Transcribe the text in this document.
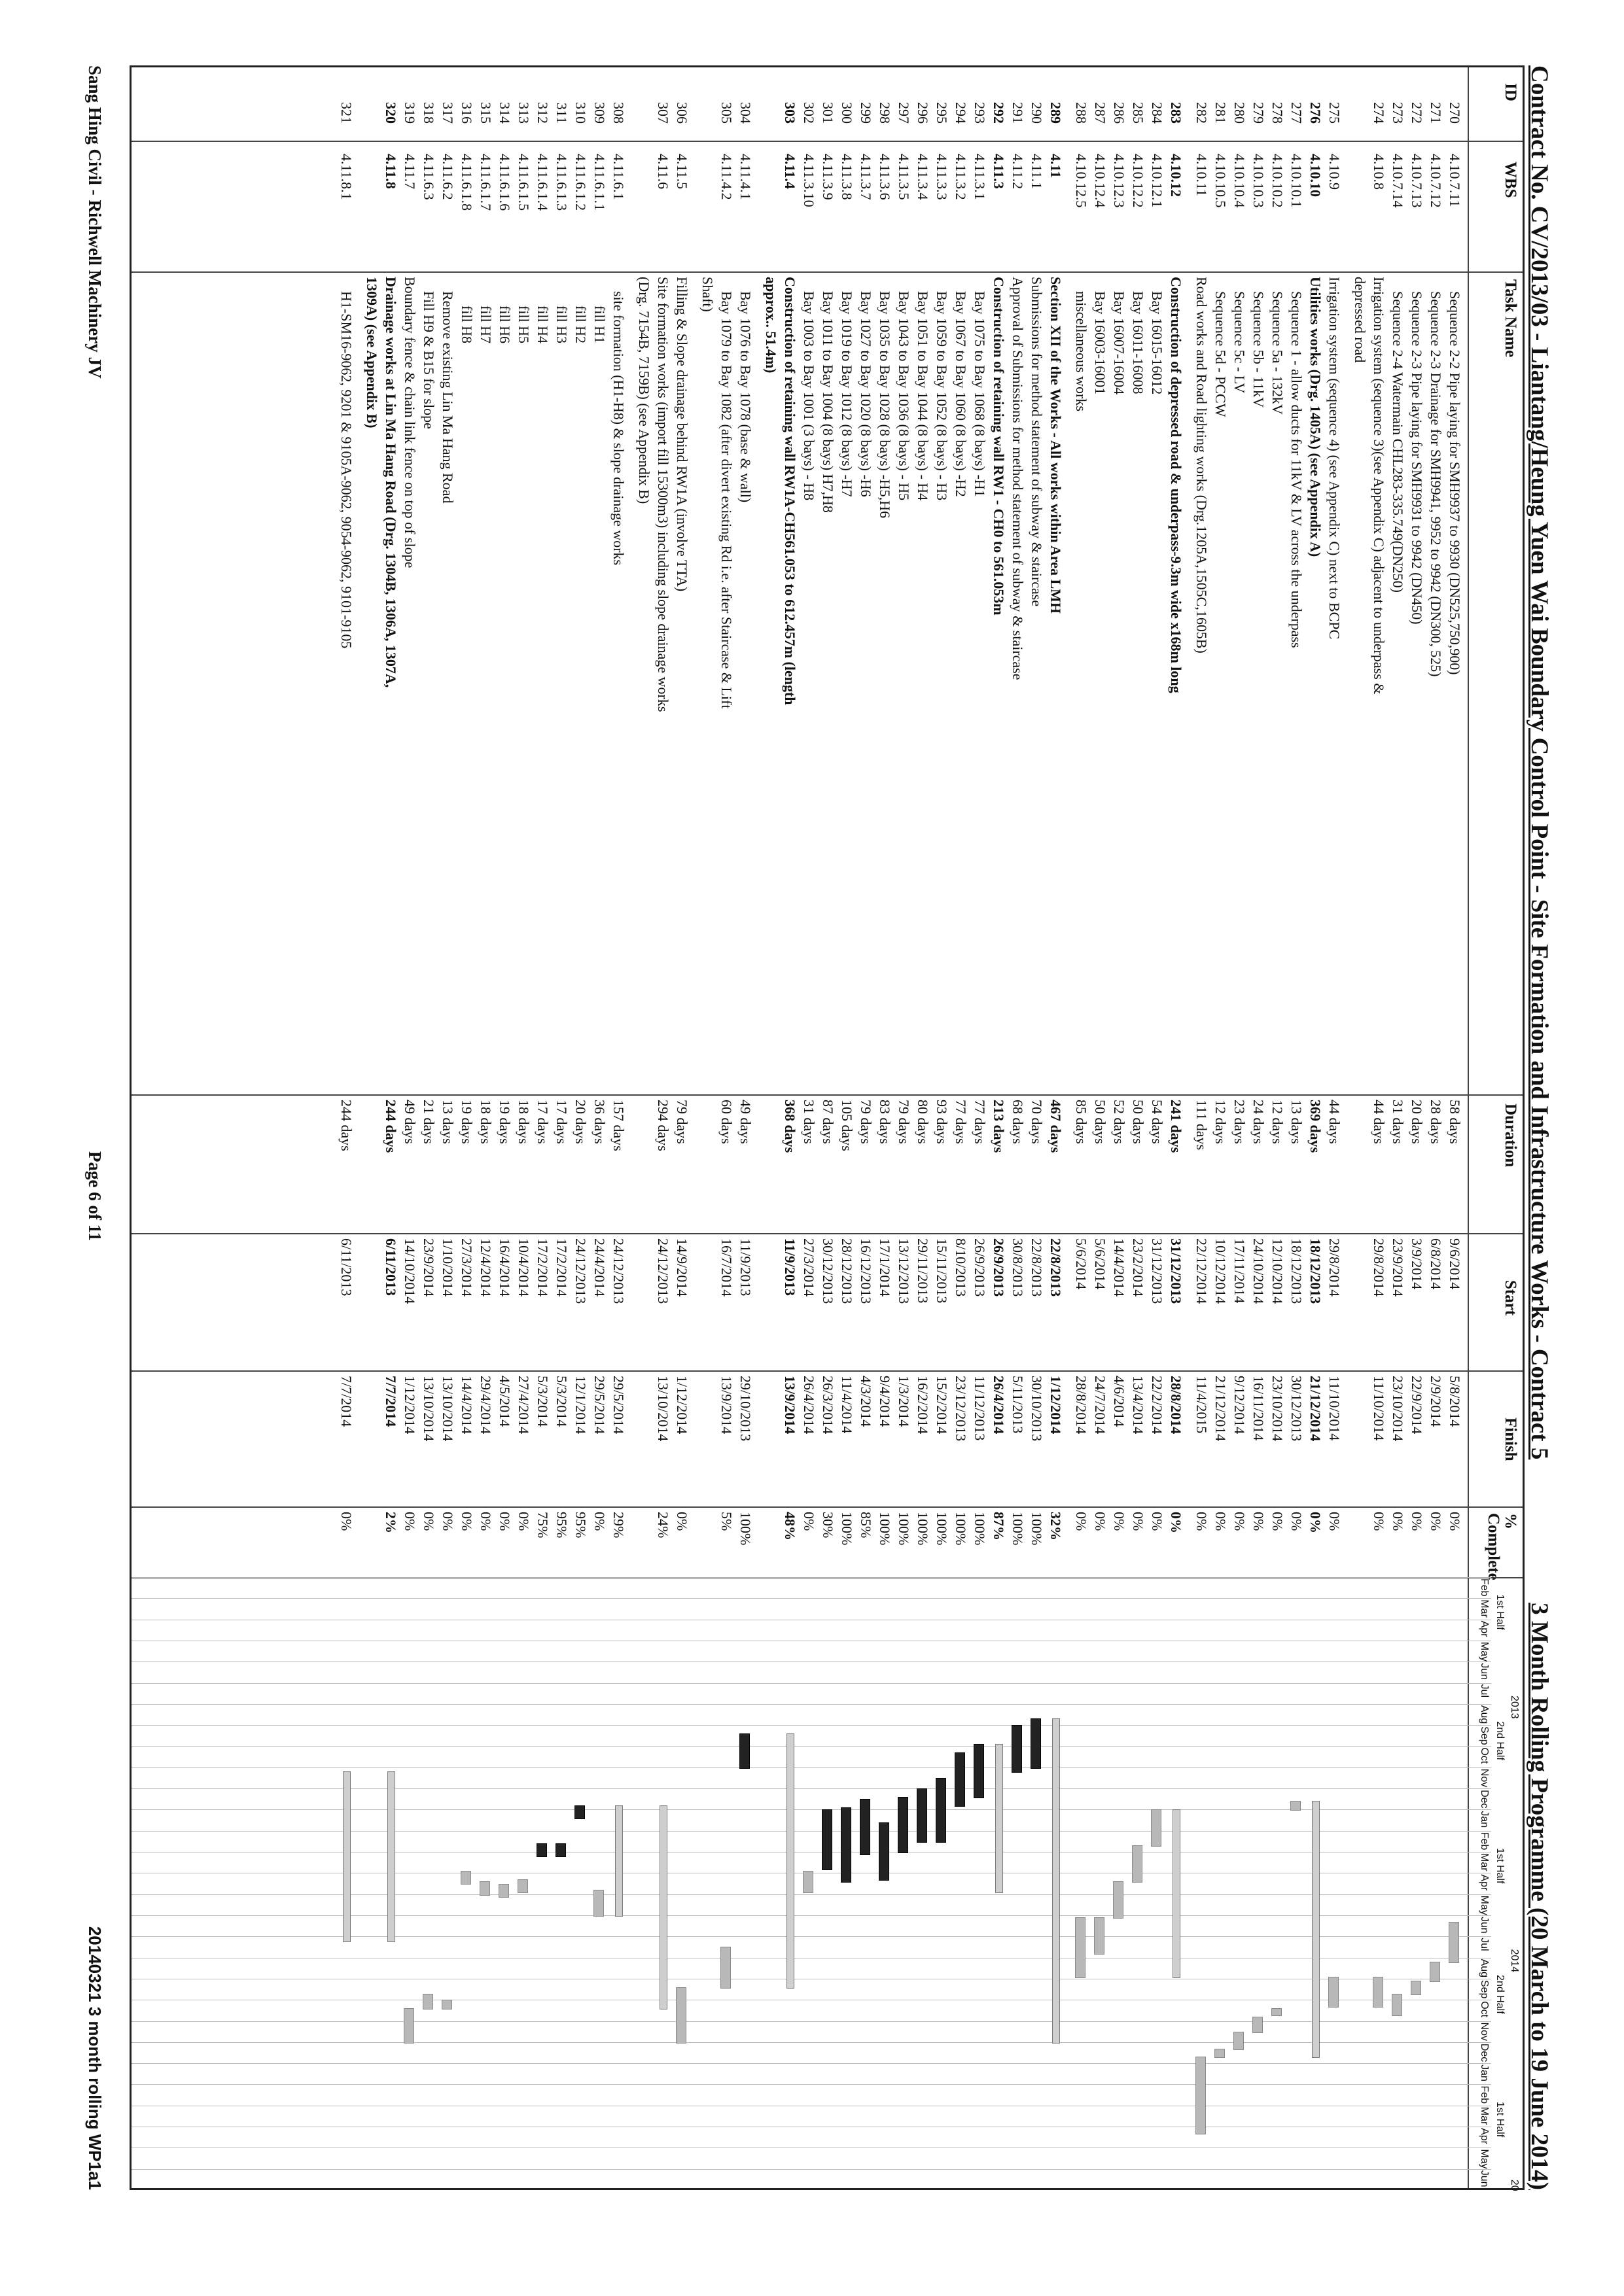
Contract No. CV/2013/03 - Liantang/Heung Yuen Wai Boundary Control Point - Site Formation and Infrastructure Works - Contract 5
3 Month Rolling Programme (20 March to 19 June 2014)
ID
WBS
Task Name
Duration
Start
Finish
% Complete
2013
2014
20
1st Half
2nd Half
1st Half
2nd Half
1st Half
Feb
Mar
Apr
May
Jun
Jul
Aug
Sep
Oct
Nov
Dec
Jan
Feb
Mar
Apr
May
Jun
Jul
Aug
Sep
Oct
Nov
Dec
Jan
Feb
Mar
Apr
May
Jun
270
4.10.7.11
Sequence 2-2 Pipe laying for SMH9937 to 9930 (DN525,750,900)
58 days
9/6/2014
5/8/2014
0%
271
4.10.7.12
Sequence 2-3 Drainage for SMH9941, 9952 to 9942 (DN300, 525)
28 days
6/8/2014
2/9/2014
0%
272
4.10.7.13
Sequence 2-3 Pipe laying for SMH9931 to 9942 (DN450)
20 days
3/9/2014
22/9/2014
0%
273
4.10.7.14
Sequence 2-4 Watermain CHL283-335.749(DN250)
31 days
23/9/2014
23/10/2014
0%
274
4.10.8
Irrigation system (sequence 3)(see Appendix C) adjacent to underpass &
44 days
29/8/2014
11/10/2014
0%
depressed road
275
4.10.9
Irrigation system (sequence 4) (see Appendix C) next to BCPC
44 days
29/8/2014
11/10/2014
0%
276
4.10.10
Utilities works (Drg. 1405A) (see Appendix A)
369 days
18/12/2013
21/12/2014
0%
277
4.10.10.1
Sequence 1 - allow ducts for 11kV & LV across the underpass
13 days
18/12/2013
30/12/2013
0%
278
4.10.10.2
Sequence 5a - 132kV
12 days
12/10/2014
23/10/2014
0%
279
4.10.10.3
Sequence 5b - 11kV
24 days
24/10/2014
16/11/2014
0%
280
4.10.10.4
Sequence 5c - LV
23 days
17/11/2014
9/12/2014
0%
281
4.10.10.5
Sequence 5d - PCCW
12 days
10/12/2014
21/12/2014
0%
282
4.10.11
Road works and Road lighting works (Drg.1205A,1505C,1605B)
111 days
22/12/2014
11/4/2015
0%
283
4.10.12
Construction of depressed road & underpass-9.3m wide x168m long
241 days
31/12/2013
28/8/2014
0%
284
4.10.12.1
Bay 16015-16012
54 days
31/12/2013
22/2/2014
0%
285
4.10.12.2
Bay 16011-16008
50 days
23/2/2014
13/4/2014
0%
286
4.10.12.3
Bay 16007-16004
52 days
14/4/2014
4/6/2014
0%
287
4.10.12.4
Bay 16003-16001
50 days
5/6/2014
24/7/2014
0%
288
4.10.12.5
miscellaneous works
85 days
5/6/2014
28/8/2014
0%
289
4.11
Section XII of the Works - All works within Area LMH
467 days
22/8/2013
1/12/2014
32%
290
4.11.1
Submissions for method statement of subway & staircase
70 days
22/8/2013
30/10/2013
100%
291
4.11.2
Approval of Submissions for method statement of subway & staircase
68 days
30/8/2013
5/11/2013
100%
292
4.11.3
Construction of retaining wall RW1 - CH0 to 561.053m
213 days
26/9/2013
26/4/2014
87%
293
4.11.3.1
Bay 1075 to Bay 1068 (8 bays) -H1
77 days
26/9/2013
11/12/2013
100%
294
4.11.3.2
Bay 1067 to Bay 1060 (8 bays) -H2
77 days
8/10/2013
23/12/2013
100%
295
4.11.3.3
Bay 1059 to Bay 1052 (8 bays) - H3
93 days
15/11/2013
15/2/2014
100%
296
4.11.3.4
Bay 1051 to Bay 1044 (8 bays) - H4
80 days
29/11/2013
16/2/2014
100%
297
4.11.3.5
Bay 1043 to Bay 1036 (8 bays) - H5
79 days
13/12/2013
1/3/2014
100%
298
4.11.3.6
Bay 1035 to Bay 1028 (8 bays) -H5,H6
83 days
17/1/2014
9/4/2014
100%
299
4.11.3.7
Bay 1027 to Bay 1020 (8 bays) -H6
79 days
16/12/2013
4/3/2014
85%
300
4.11.3.8
Bay 1019 to Bay 1012 (8 bays) -H7
105 days
28/12/2013
11/4/2014
100%
301
4.11.3.9
Bay 1011 to Bay 1004 (8 bays) H7,H8
87 days
30/12/2013
26/3/2014
30%
302
4.11.3.10
Bay 1003 to Bay 1001 (3 bays) - H8
31 days
27/3/2014
26/4/2014
0%
303
4.11.4
Construction of retaining wall RW1A-CH561.053 to 612.457m (length
368 days
11/9/2013
13/9/2014
48%
approx.. 51.4m)
304
4.11.4.1
Bay 1076 to Bay 1078 (base & wall)
49 days
11/9/2013
29/10/2013
100%
305
4.11.4.2
Bay 1079 to Bay 1082 (after divert existing Rd i.e. after Staircase & Lift
60 days
16/7/2014
13/9/2014
5%
Shaft)
306
4.11.5
Filling & Slope drainage behind RW1A (involve TTA)
79 days
14/9/2014
1/12/2014
0%
307
4.11.6
Site formation works (import fill 15300m3) including slope drainage works
294 days
24/12/2013
13/10/2014
24%
(Drg. 7154B, 7159B) (see Appendix B)
308
4.11.6.1
site formation (H1-H8) & slope drainage works
157 days
24/12/2013
29/5/2014
29%
309
4.11.6.1.1
fill H1
36 days
24/4/2014
29/5/2014
0%
310
4.11.6.1.2
fill H2
20 days
24/12/2013
12/1/2014
95%
311
4.11.6.1.3
fill H3
17 days
17/2/2014
5/3/2014
95%
312
4.11.6.1.4
fill H4
17 days
17/2/2014
5/3/2014
75%
313
4.11.6.1.5
fill H5
18 days
10/4/2014
27/4/2014
0%
314
4.11.6.1.6
fill H6
19 days
16/4/2014
4/5/2014
0%
315
4.11.6.1.7
fill H7
18 days
12/4/2014
29/4/2014
0%
316
4.11.6.1.8
fill H8
19 days
27/3/2014
14/4/2014
0%
317
4.11.6.2
Remove existing Lin Ma Hang Road
13 days
1/10/2014
13/10/2014
0%
318
4.11.6.3
Fill H9 & B15 for slope
21 days
23/9/2014
13/10/2014
0%
319
4.11.7
Boundary fence & chain link fence on top of slope
49 days
14/10/2014
1/12/2014
0%
320
4.11.8
Drainage works at Lin Ma Hang Road (Drg. 1304B, 1306A, 1307A,
244 days
6/11/2013
7/7/2014
2%
1309A) (see Appendix B)
321
4.11.8.1
H1-SM16-9062, 9201 & 9105A-9062, 9054-9062, 9101-9105
244 days
6/11/2013
7/7/2014
0%
Sang Hing Civil - Richwell Machinery JV
Page 6 of 11
20140321 3 month rolling WP1a1
